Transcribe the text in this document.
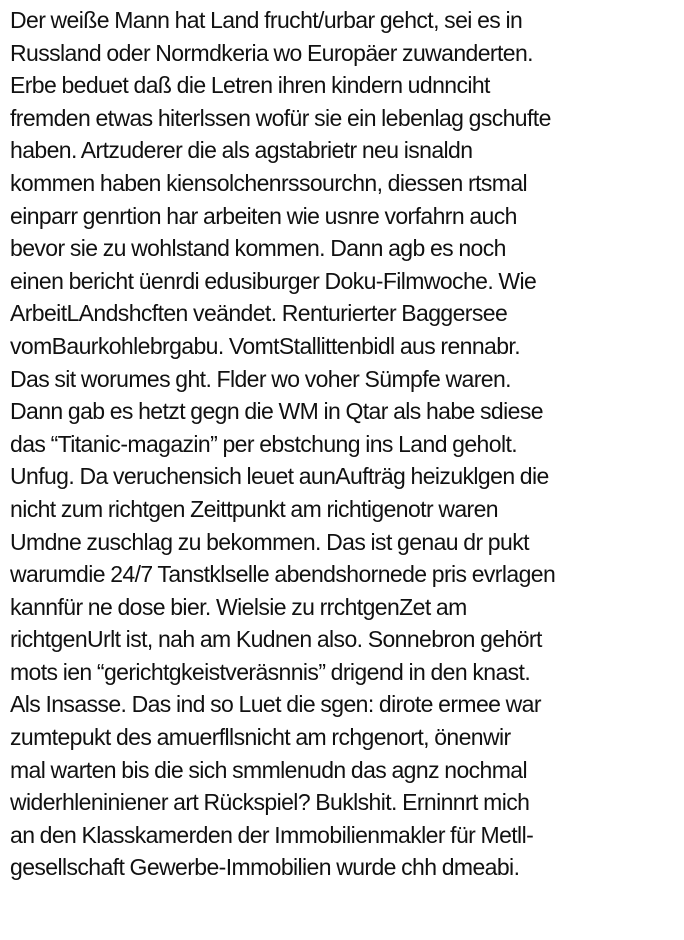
Der weiße Mann hat Land frucht/urbar gehct, sei es in
Russland oder Normdkeria wo Europäer zuwanderten.
Erbe beduet daß die Letren ihren kindern udnnciht
fremden etwas hiterlssen wofür sie ein lebenlag gschufte
haben. Artzuderer die als agstabrietr neu isnaldn
kommen haben kiensolchenrssourchn, diessen rtsmal
einparr genrtion har arbeiten wie usnre vorfahrn auch
bevor sie zu wohlstand kommen. Dann agb es noch
einen bericht üenrdi edusiburger Doku-Filmwoche. Wie
ArbeitLAndshcften veändet. Renturierter Baggersee
vomBaurkohlebrgabu. VomtStallittenbidl aus rennabr.
Das sit worumes ght. Flder wo voher Sümpfe waren.
Dann gab es hetzt gegn die WM in Qtar als habe sdiese
das “Titanic-magazin” per ebstchung ins Land geholt.
Unfug. Da veruchensich leuet aunAufträg heizuklgen die
nicht zum richtgen Zeittpunkt am richtigenotr waren
Umdne zuschlag zu bekommen. Das ist genau dr pukt
warumdie 24/7 Tanstklselle abendshornede pris evrlagen
kannfür ne dose bier. Wielsie zu rrchtgenZet am
richtgenUrlt ist, nah am Kudnen also. Sonnebron gehört
mots ien “gerichtgkeistveräsnnis” drigend in den knast.
Als Insasse. Das ind so Luet die sgen: dirote ermee war
zumtepukt des amuerfllsnicht am rchgenort, önenwir
mal warten bis die sich smmlenudn das agnz nochmal
widerhleniniener art Rückspiel? Buklshit. Erninnrt mich
an den Klasskamerden der Immobilienmakler für Metll-
gesellschaft Gewerbe-Immobilien wurde chh dmeabi.
